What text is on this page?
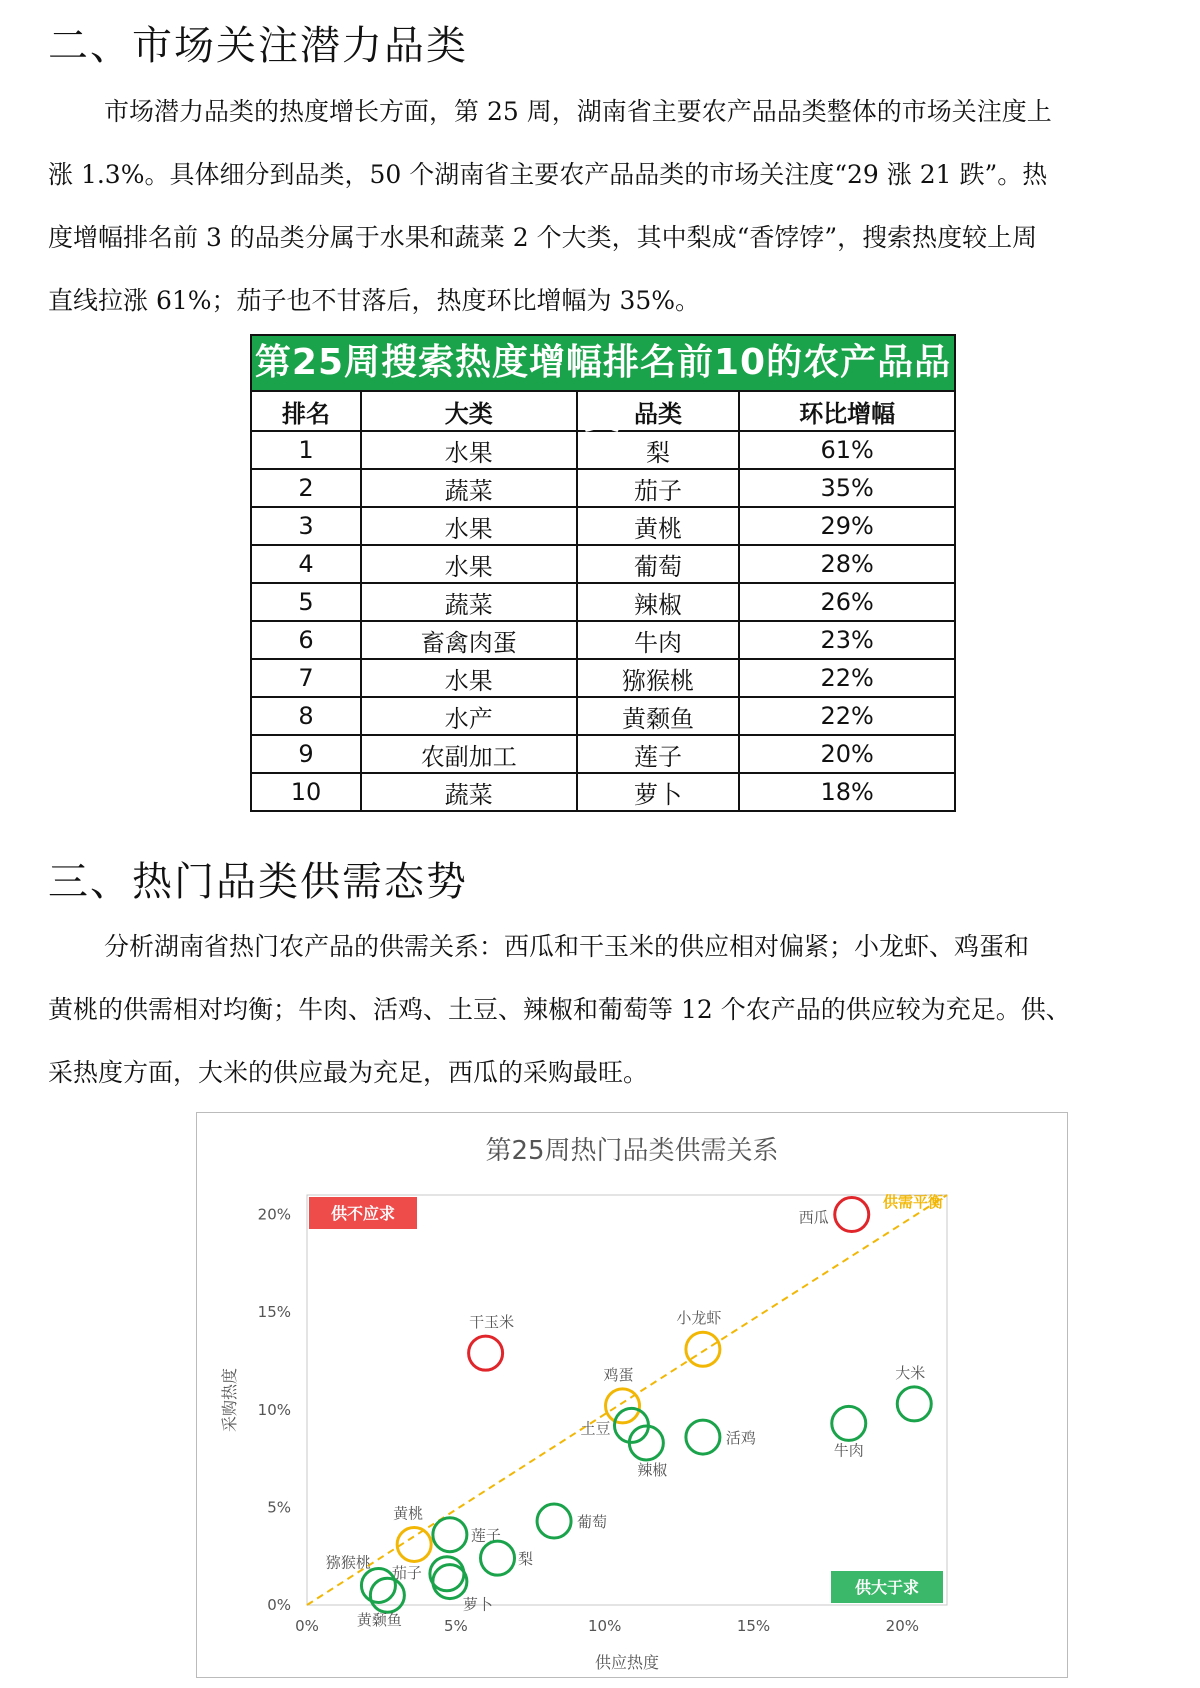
二、市场关注潜力品类
市场潜力品类的热度增长方面，第 25 周，湖南省主要农产品品类整体的市场关注度上
涨 1.3%。具体细分到品类，50 个湖南省主要农产品品类的市场关注度“29 涨 21 跌”。热
度增幅排名前 3 的品类分属于水果和蔬菜 2 个大类，其中梨成“香饽饽”，搜索热度较上周
直线拉涨 61%；茄子也不甘落后，热度环比增幅为 35%。
第25周搜索热度增幅排名前10的农产品品类
排名	大类	品类	环比增幅
1	水果	梨	61%
2	蔬菜	茄子	35%
3	水果	黄桃	29%
4	水果	葡萄	28%
5	蔬菜	辣椒	26%
6	畜禽肉蛋	牛肉	23%
7	水果	猕猴桃	22%
8	水产	黄颡鱼	22%
9	农副加工	莲子	20%
10	蔬菜	萝卜	18%
三、热门品类供需态势
分析湖南省热门农产品的供需关系：西瓜和干玉米的供应相对偏紧；小龙虾、鸡蛋和
黄桃的供需相对均衡；牛肉、活鸡、土豆、辣椒和葡萄等 12 个农产品的供应较为充足。供、
采热度方面，大米的供应最为充足，西瓜的采购最旺。
第25周热门品类供需关系
0%
0%
5%
5%
10%
10%
15%
15%
20%
20%
供应热度
采购热度
供需平衡
供不应求
供大于求
西瓜
干玉米	小龙虾
鸡蛋
黄桃
大米
牛肉
活鸡
土豆
辣椒
葡萄
莲子
梨
茄子
萝卜
猕猴桃
黄颡鱼
